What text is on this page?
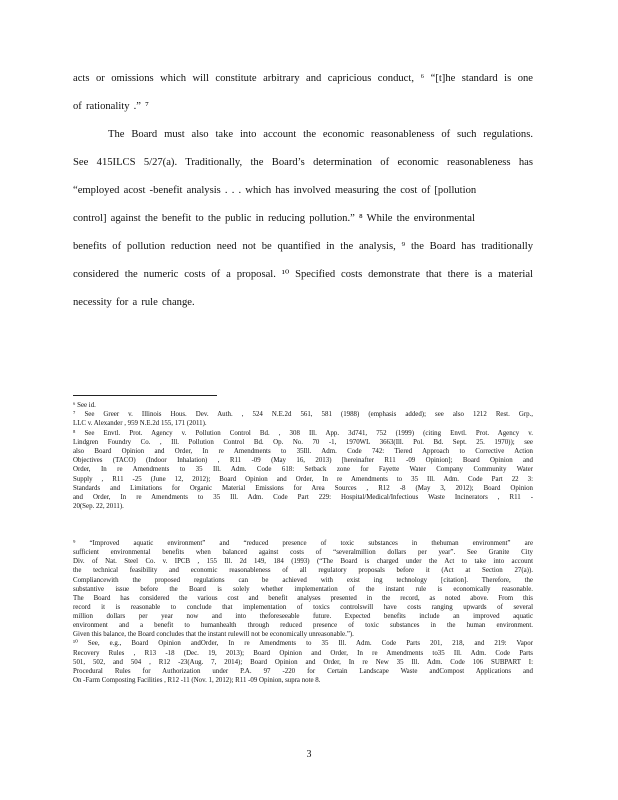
acts or omissions which will constitute arbitrary and capricious conduct, ⁶ “[t]he standard is one
of rationality .” ⁷
The Board must also take into account the economic reasonableness of such regulations.
See 415ILCS 5/27(a). Traditionally, the Board’s determination of economic reasonableness has
“employed acost -benefit analysis . . . which has involved measuring the cost of [pollution
control] against the benefit to the public in reducing pollution.” ⁸ While the environmental
benefits of pollution reduction need not be quantified in the analysis, ⁹ the Board has traditionally
considered the numeric costs of a proposal. ¹⁰ Specified costs demonstrate that there is a material
necessity for a rule change.
⁶ See id.
⁷ See Greer v. Illinois Hous. Dev. Auth. , 524 N.E.2d 561, 581 (1988) (emphasis added); see also 1212 Rest. Grp.,
LLC v. Alexander , 959 N.E.2d 155, 171 (2011).
⁸ See Envtl. Prot. Agency v. Pollution Control Bd. , 308 Ill. App. 3d741, 752 (1999) (citing Envtl. Prot. Agency v.
Lindgren Foundry Co. , Ill. Pollution Control Bd. Op. No. 70 -1, 1970WL 3663(Ill. Pol. Bd. Sept. 25. 1970)); see
also Board Opinion and Order, In re Amendments to 35Ill. Adm. Code 742: Tiered Approach to Corrective Action
Objectives (TACO) (Indoor Inhalation) , R11 -09 (May 16, 2013) [hereinafter R11 -09 Opinion]; Board Opinion and
Order, In re Amendments to 35 Ill. Adm. Code 618: Setback zone for Fayette Water Company Community Water
Supply , R11 -25 (June 12, 2012); Board Opinion and Order, In re Amendments to 35 Ill. Adm. Code Part 22 3:
Standards and Limitations for Organic Material Emissions for Area Sources , R12 -8 (May 3, 2012); Board Opinion
and Order, In re Amendments to 35 Ill. Adm. Code Part 229: Hospital/Medical/Infectious Waste Incinerators , R11 -
20(Sep. 22, 2011).
⁹ “Improved aquatic environment” and “reduced presence of toxic substances in thehuman environment” are
sufficient environmental benefits when balanced against costs of “severalmillion dollars per year”. See Granite City
Div. of Nat. Steel Co. v. IPCB , 155 Ill. 2d 149, 184 (1993) (“The Board is charged under the Act to take into account
the technical feasibility and economic reasonableness of all regulatory proposals before it (Act at Section 27(a)).
Compliancewith the proposed regulations can be achieved with exist ing technology [citation]. Therefore, the
substantive issue before the Board is solely whether implementation of the instant rule is economically reasonable.
The Board has considered the various cost and benefit analyses presented in the record, as noted above. From this
record it is reasonable to conclude that implementation of toxics controlswill have costs ranging upwards of several
million dollars per year now and into theforeseeable future. Expected benefits include an improved aquatic
environment and a benefit to humanhealth through reduced presence of toxic substances in the human environment.
Given this balance, the Board concludes that the instant rulewill not be economically unreasonable.”).
¹⁰ See, e.g., Board Opinion andOrder, In re Amendments to 35 Ill. Adm. Code Parts 201, 218, and 219: Vapor
Recovery Rules , R13 -18 (Dec. 19, 2013); Board Opinion and Order, In re Amendments to35 Ill. Adm. Code Parts
501, 502, and 504 , R12 -23(Aug. 7, 2014); Board Opinion and Order, In re New 35 Ill. Adm. Code 106 SUBPART I:
Procedural Rules for Authorization under P.A. 97 -220 for Certain Landscape Waste andCompost Applications and
On -Farm Composting Facilities , R12 -11 (Nov. 1, 2012); R11 -09 Opinion, supra note 8.
3
